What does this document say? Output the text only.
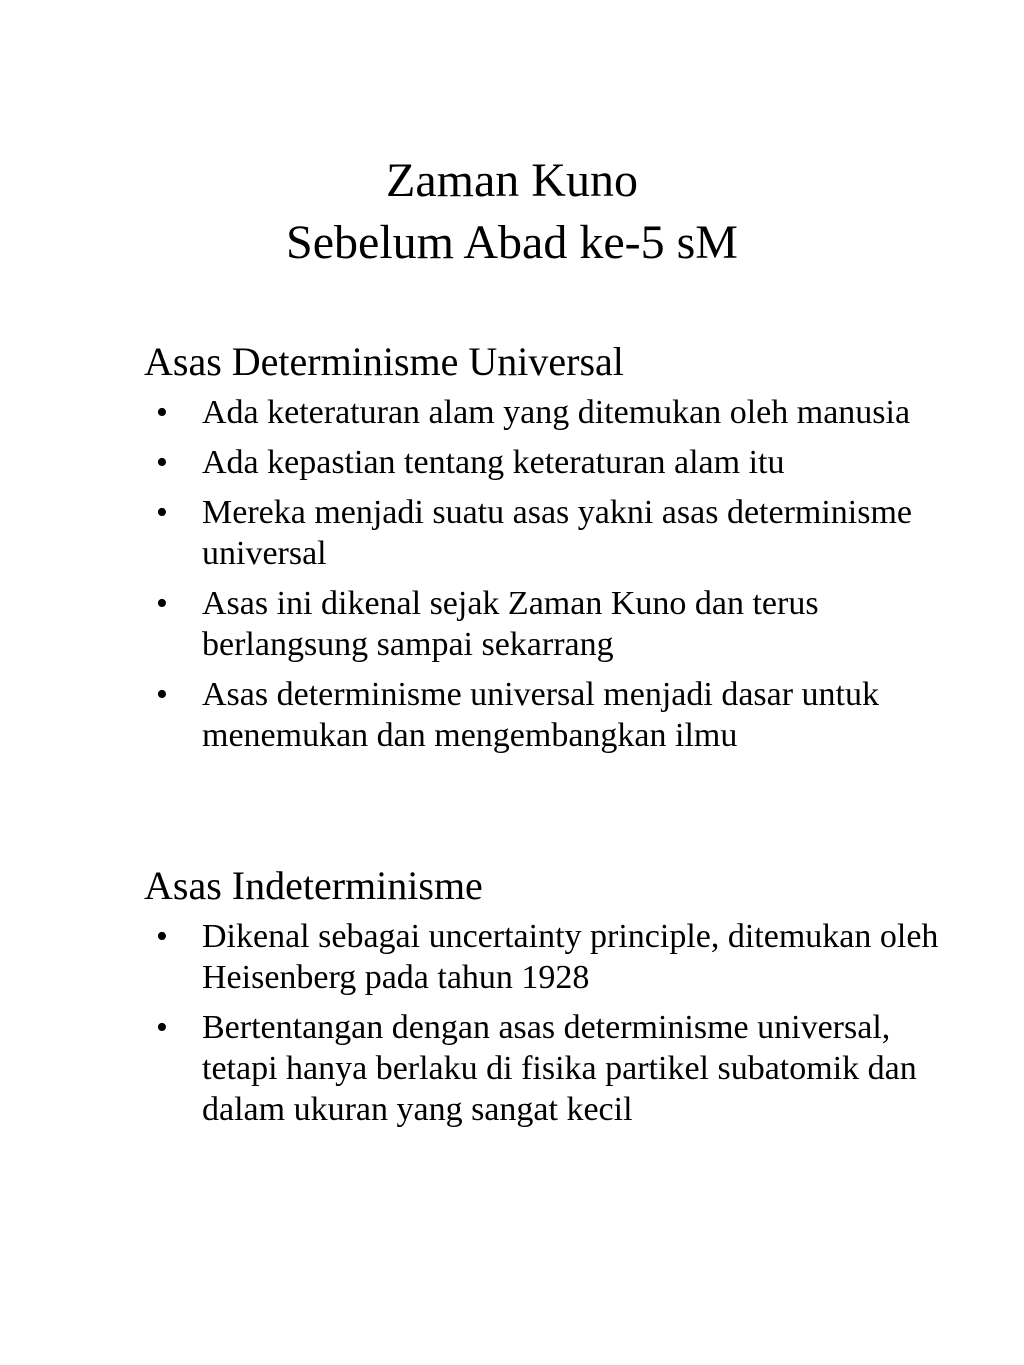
Zaman Kuno
Sebelum Abad ke-5 sM
Asas Determinisme Universal
• Ada keteraturan alam yang ditemukan oleh manusia
• Ada kepastian tentang keteraturan alam itu
• Mereka menjadi suatu asas yakni asas determinisme universal
• Asas ini dikenal sejak Zaman Kuno dan terus berlangsung sampai sekarrang
• Asas determinisme universal menjadi dasar untuk menemukan dan mengembangkan ilmu
Asas Indeterminisme
• Dikenal sebagai uncertainty principle, ditemukan oleh Heisenberg pada tahun 1928
• Bertentangan dengan asas determinisme universal, tetapi hanya berlaku di fisika partikel subatomik dan dalam ukuran yang sangat kecil
